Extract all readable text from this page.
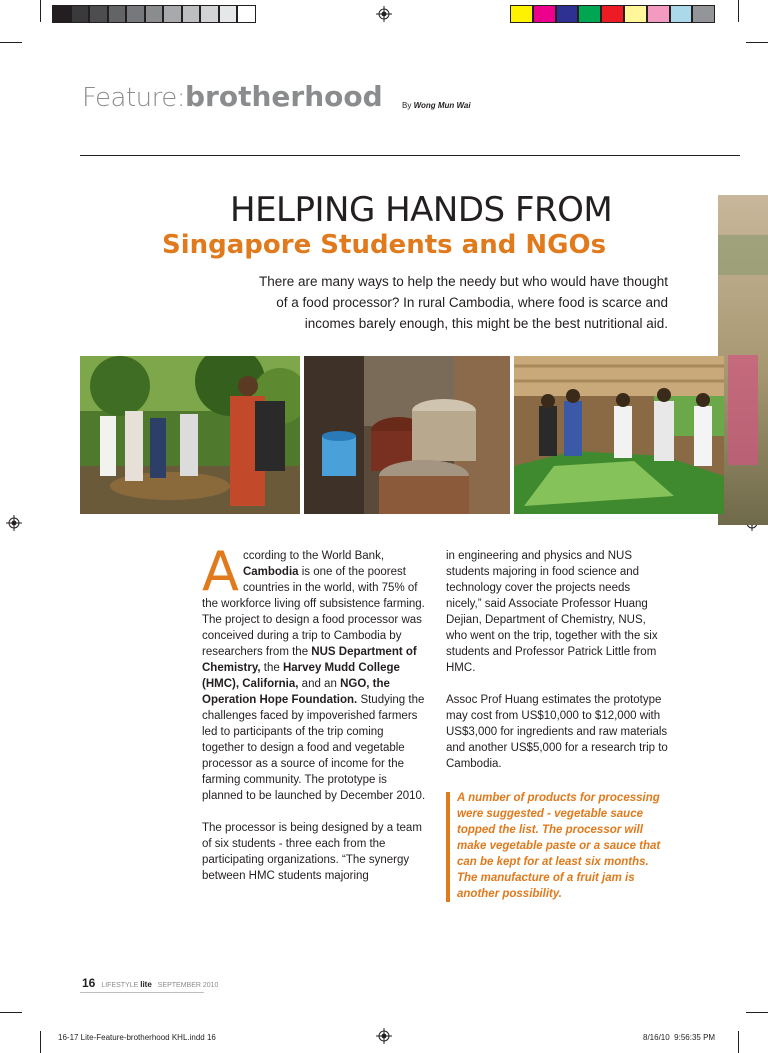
Feature:brotherhood By Wong Mun Wai
HELPING HANDS FROM
Singapore Students and NGOs
There are many ways to help the needy but who would have thought
of a food processor? In rural Cambodia, where food is scarce and
incomes barely enough, this might be the best nutritional aid.

According to the World Bank, Cambodia is one of the poorest countries in the world, with 75% of the workforce living off subsistence farming. The project to design a food processor was conceived during a trip to Cambodia by researchers from the NUS Department of Chemistry, the Harvey Mudd College (HMC), California, and an NGO, the Operation Hope Foundation. Studying the challenges faced by impoverished farmers led to participants of the trip coming together to design a food and vegetable processor as a source of income for the farming community. The prototype is planned to be launched by December 2010.

The processor is being designed by a team of six students - three each from the participating organizations. “The synergy between HMC students majoring

in engineering and physics and NUS students majoring in food science and technology cover the projects needs nicely,” said Associate Professor Huang Dejian, Department of Chemistry, NUS, who went on the trip, together with the six students and Professor Patrick Little from HMC.

Assoc Prof Huang estimates the prototype may cost from US$10,000 to $12,000 with US$3,000 for ingredients and raw materials and another US$5,000 for a research trip to Cambodia.

A number of products for processing were suggested - vegetable sauce topped the list. The processor will make vegetable paste or a sauce that can be kept for at least six months. The manufacture of a fruit jam is another possibility.
16 LIFESTYLE lite SEPTEMBER 2010
16-17 Lite-Feature-brotherhood KHL.indd 16	8/16/10 9:56:35 PM
